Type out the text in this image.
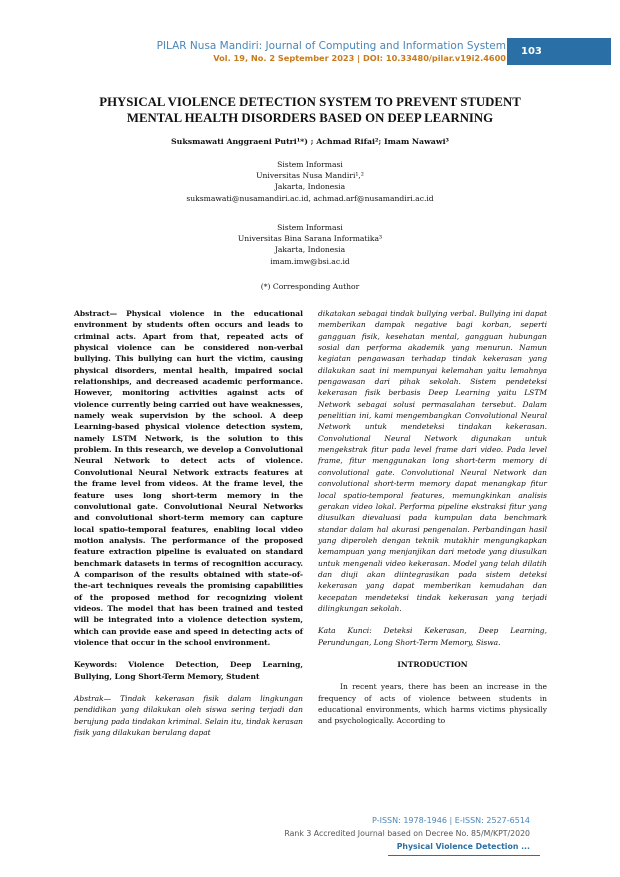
PILAR Nusa Mandiri: Journal of Computing and Information System
Vol. 19, No. 2 September 2023 | DOI: 10.33480/pilar.v19i2.4600
103
PHYSICAL VIOLENCE DETECTION SYSTEM TO PREVENT STUDENT
MENTAL HEALTH DISORDERS BASED ON DEEP LEARNING
Suksmawati Anggraeni Putri¹*) ; Achmad Rifai²; Imam Nawawi³
Sistem Informasi
Universitas Nusa Mandiri¹,²
Jakarta, Indonesia
suksmawati@nusamandiri.ac.id, achmad.arf@nusamandiri.ac.id
Sistem Informasi
Universitas Bina Sarana Informatika³
Jakarta, Indonesia
imam.imw@bsi.ac.id
(*) Corresponding Author

Abstract— Physical violence in the educational environment by students often occurs and leads to criminal acts. Apart from that, repeated acts of physical violence can be considered non-verbal bullying. This bullying can hurt the victim, causing physical disorders, mental health, impaired social relationships, and decreased academic performance. However, monitoring activities against acts of violence currently being carried out have weaknesses, namely weak supervision by the school. A deep Learning-based physical violence detection system, namely LSTM Network, is the solution to this problem. In this research, we develop a Convolutional Neural Network to detect acts of violence. Convolutional Neural Network extracts features at the frame level from videos. At the frame level, the feature uses long short-term memory in the convolutional gate. Convolutional Neural Networks and convolutional short-term memory can capture local spatio-temporal features, enabling local video motion analysis. The performance of the proposed feature extraction pipeline is evaluated on standard benchmark datasets in terms of recognition accuracy. A comparison of the results obtained with state-of-the-art techniques reveals the promising capabilities of the proposed method for recognizing violent videos. The model that has been trained and tested will be integrated into a violence detection system, which can provide ease and speed in detecting acts of violence that occur in the school environment.

Keywords: Violence Detection, Deep Learning, Bullying, Long Short-Term Memory, Student

Abstrak— Tindak kekerasan fisik dalam lingkungan pendidikan yang dilakukan oleh siswa sering terjadi dan berujung pada tindakan kriminal. Selain itu, tindak kerasan fisik yang dilakukan berulang dapat

dikatakan sebagai tindak bullying verbal. Bullying ini dapat memberikan dampak negative bagi korban, seperti gangguan fisik, kesehatan mental, gangguan hubungan sosial dan performa akademik yang menurun. Namun kegiatan pengawasan terhadap tindak kekerasan yang dilakukan saat ini mempunyai kelemahan yaitu lemahnya pengawasan dari pihak sekolah. Sistem pendeteksi kekerasan fisik berbasis Deep Learning yaitu LSTM Network sebagai solusi permasalahan tersebut. Dalam penelitian ini, kami mengembangkan Convolutional Neural Network untuk mendeteksi tindakan kekerasan. Convolutional Neural Network digunakan untuk mengekstrak fitur pada level frame dari video. Pada level frame, fitur menggunakan long short-term memory di convolutional gate. Convolutional Neural Network dan convolutional short-term memory dapat menangkap fitur local spatio-temporal features, memungkinkan analisis gerakan video lokal. Performa pipeline ekstraksi fitur yang diusulkan dievaluasi pada kumpulan data benchmark standar dalam hal akurasi pengenalan. Perbandingan hasil yang diperoleh dengan teknik mutakhir mengungkapkan kemampuan yang menjanjikan dari metode yang diusulkan untuk mengenali video kekerasan. Model yang telah dilatih dan diuji akan diintegrasikan pada sistem deteksi kekerasan yang dapat memberikan kemudahan dan kecepatan mendeteksi tindak kekerasan yang terjadi dilingkungan sekolah.

Kata Kunci: Deteksi Kekerasan, Deep Learning, Perundungan, Long Short-Term Memory, Siswa.

INTRODUCTION

In recent years, there has been an increase in the frequency of acts of violence between students in educational environments, which harms victims physically and psychologically. According to

P-ISSN: 1978-1946 | E-ISSN: 2527-6514
Rank 3 Accredited Journal based on Decree No. 85/M/KPT/2020
Physical Violence Detection ...
